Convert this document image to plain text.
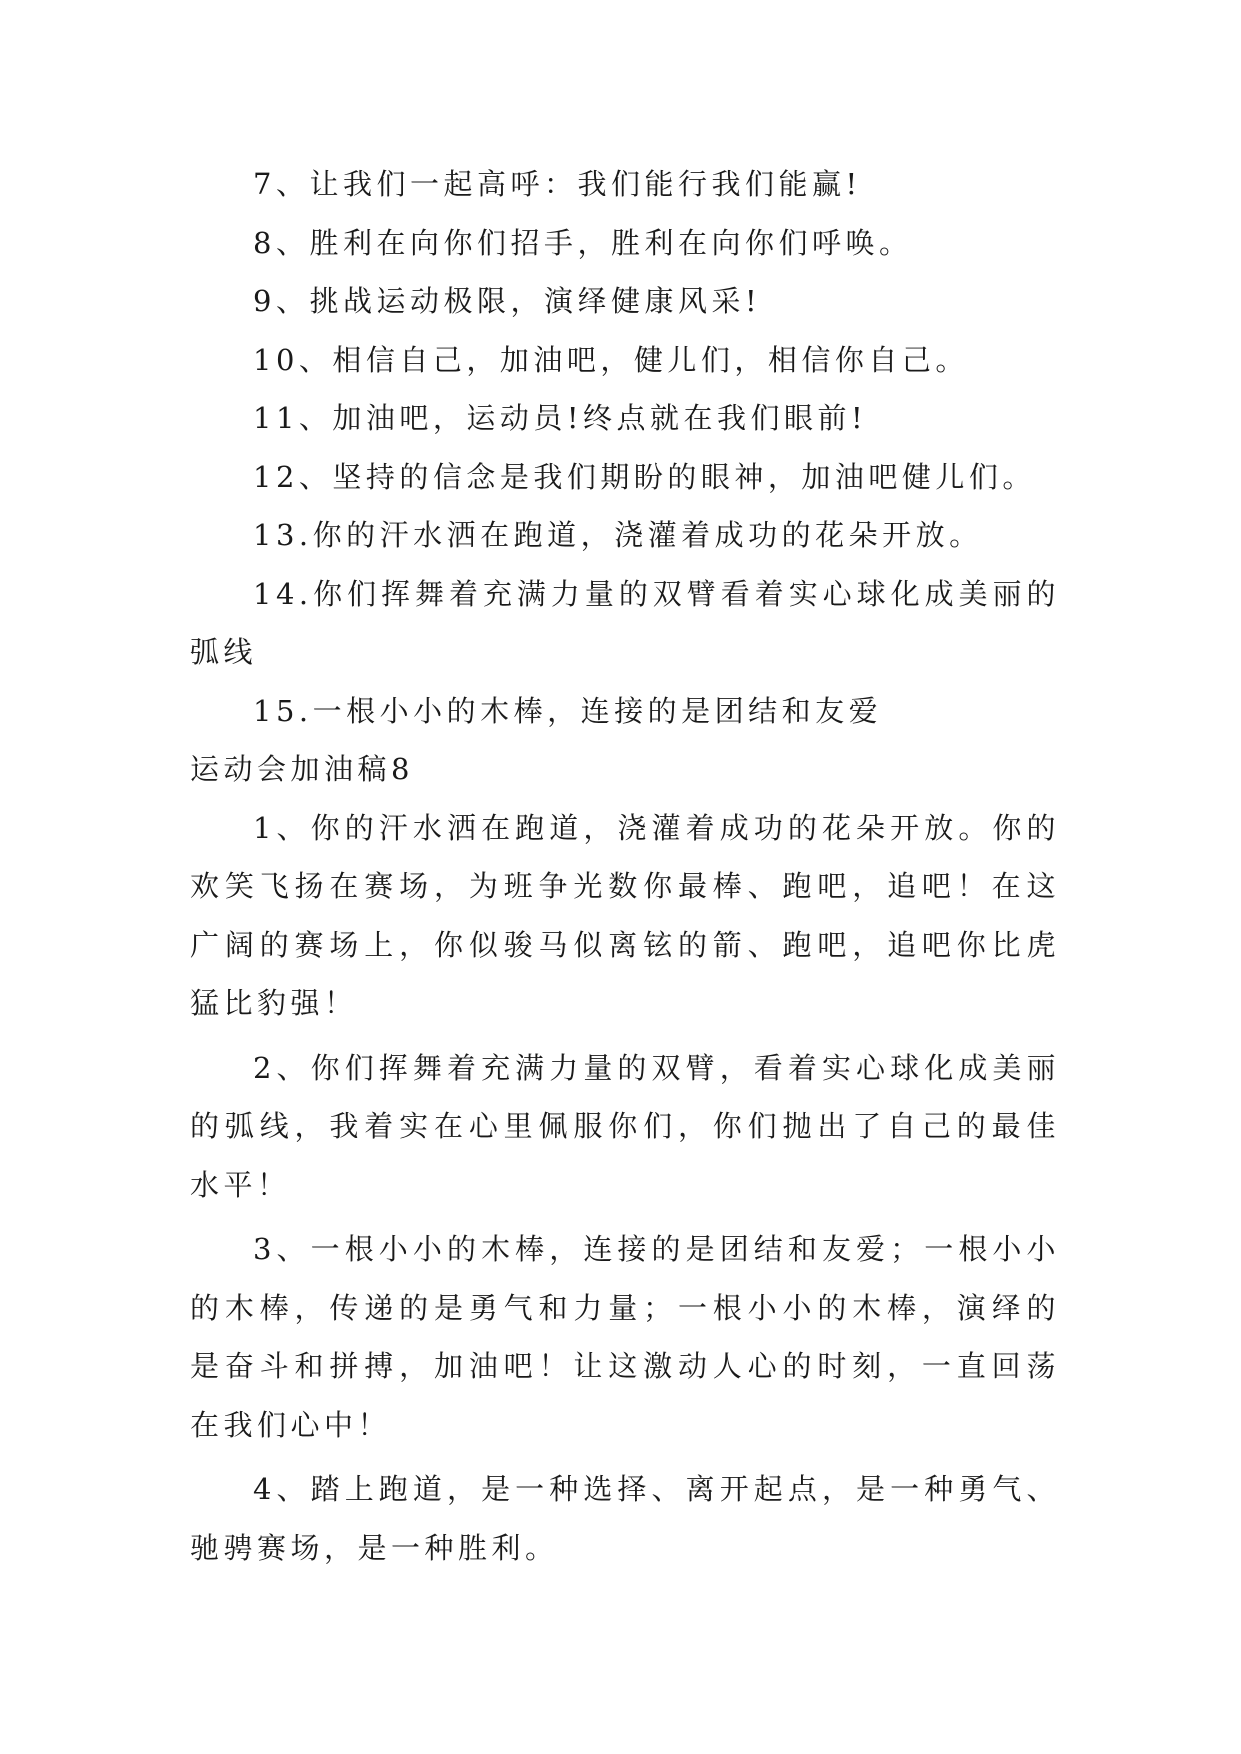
7、让我们一起高呼：我们能行我们能赢!

8、胜利在向你们招手，胜利在向你们呼唤。

9、挑战运动极限，演绎健康风采!

10、相信自己，加油吧，健儿们，相信你自己。

11、加油吧，运动员!终点就在我们眼前!

12、坚持的信念是我们期盼的眼神，加油吧健儿们。

13.你的汗水洒在跑道，浇灌着成功的花朵开放。

14.你们挥舞着充满力量的双臂看着实心球化成美丽的弧线

15.一根小小的木棒，连接的是团结和友爱

运动会加油稿8

1、你的汗水洒在跑道，浇灌着成功的花朵开放。你的欢笑飞扬在赛场，为班争光数你最棒、跑吧，追吧！在这广阔的赛场上，你似骏马似离铉的箭、跑吧，追吧你比虎猛比豹强！

2、你们挥舞着充满力量的双臂，看着实心球化成美丽的弧线，我着实在心里佩服你们，你们抛出了自己的最佳水平！

3、一根小小的木棒，连接的是团结和友爱；一根小小的木棒，传递的是勇气和力量；一根小小的木棒，演绎的是奋斗和拼搏，加油吧！让这激动人心的时刻，一直回荡在我们心中！

4、踏上跑道，是一种选择、离开起点，是一种勇气、驰骋赛场，是一种胜利。
